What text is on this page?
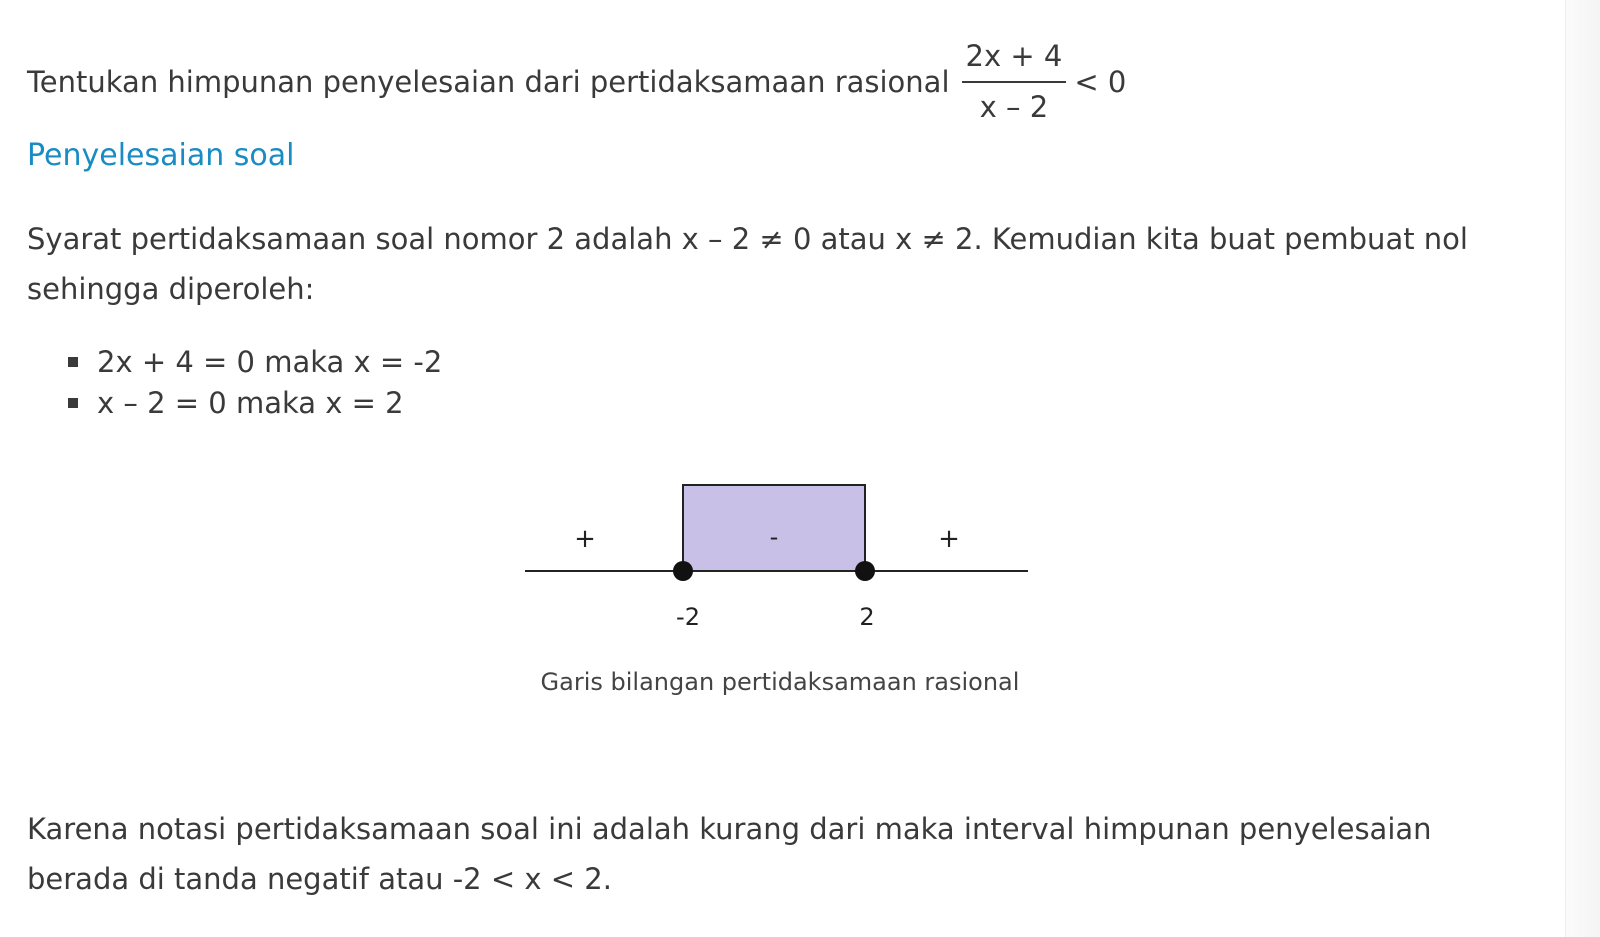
Tentukan himpunan penyelesaian dari pertidaksamaan rasional $\frac{2x + 4}{x - 2} < 0$
Penyelesaian soal

Syarat pertidaksamaan soal nomor 2 adalah x – 2 ≠ 0 atau x ≠ 2. Kemudian kita buat pembuat nol sehingga diperoleh:

2x + 4 = 0 maka x = -2
x – 2 = 0 maka x = 2
+	-	+
-2	2
Garis bilangan pertidaksamaan rasional

Karena notasi pertidaksamaan soal ini adalah kurang dari maka interval himpunan penyelesaian berada di tanda negatif atau -2 < x < 2.
